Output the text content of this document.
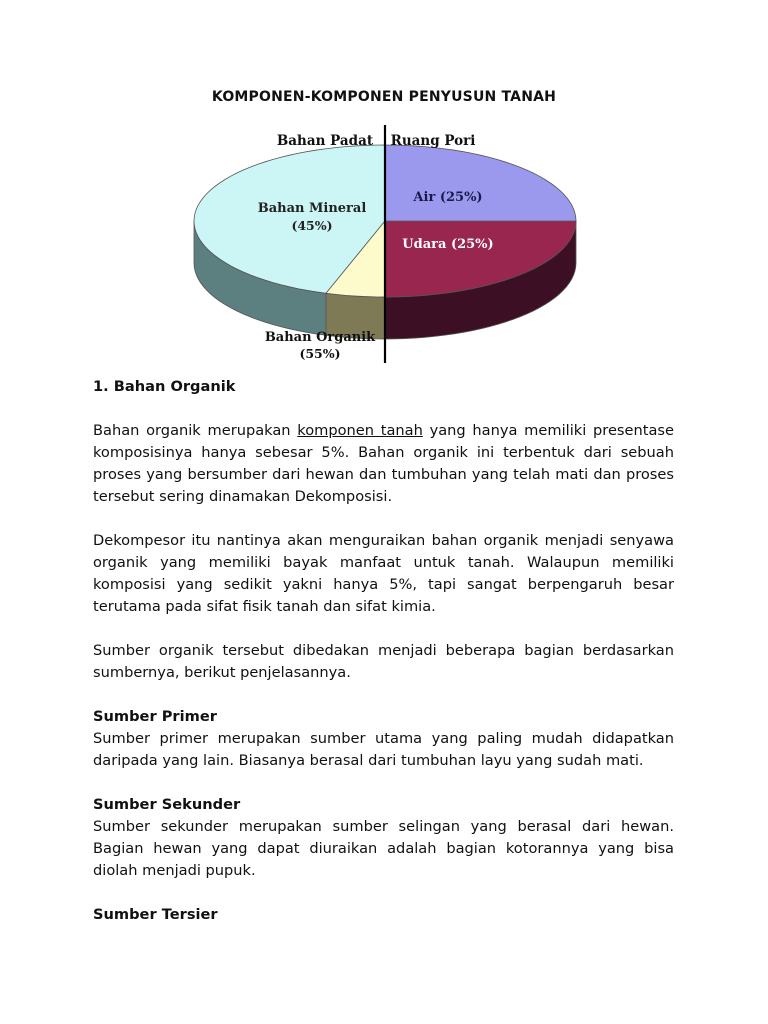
KOMPONEN-KOMPONEN PENYUSUN TANAH
Bahan Padat Ruang Pori
Bahan Mineral
(45%)
Air (25%)
Udara (25%)
Bahan Organik
(55%)
1. Bahan Organik

Bahan organik merupakan komponen tanah yang hanya memiliki presentase komposisinya hanya sebesar 5%. Bahan organik ini terbentuk dari sebuah proses yang bersumber dari hewan dan tumbuhan yang telah mati dan proses tersebut sering dinamakan Dekomposisi.

Dekompesor itu nantinya akan menguraikan bahan organik menjadi senyawa organik yang memiliki bayak manfaat untuk tanah. Walaupun memiliki komposisi yang sedikit yakni hanya 5%, tapi sangat berpengaruh besar terutama pada sifat fisik tanah dan sifat kimia.

Sumber organik tersebut dibedakan menjadi beberapa bagian berdasarkan sumbernya, berikut penjelasannya.

Sumber Primer

Sumber primer merupakan sumber utama yang paling mudah didapatkan daripada yang lain. Biasanya berasal dari tumbuhan layu yang sudah mati.

Sumber Sekunder

Sumber sekunder merupakan sumber selingan yang berasal dari hewan. Bagian hewan yang dapat diuraikan adalah bagian kotorannya yang bisa diolah menjadi pupuk.

Sumber Tersier
